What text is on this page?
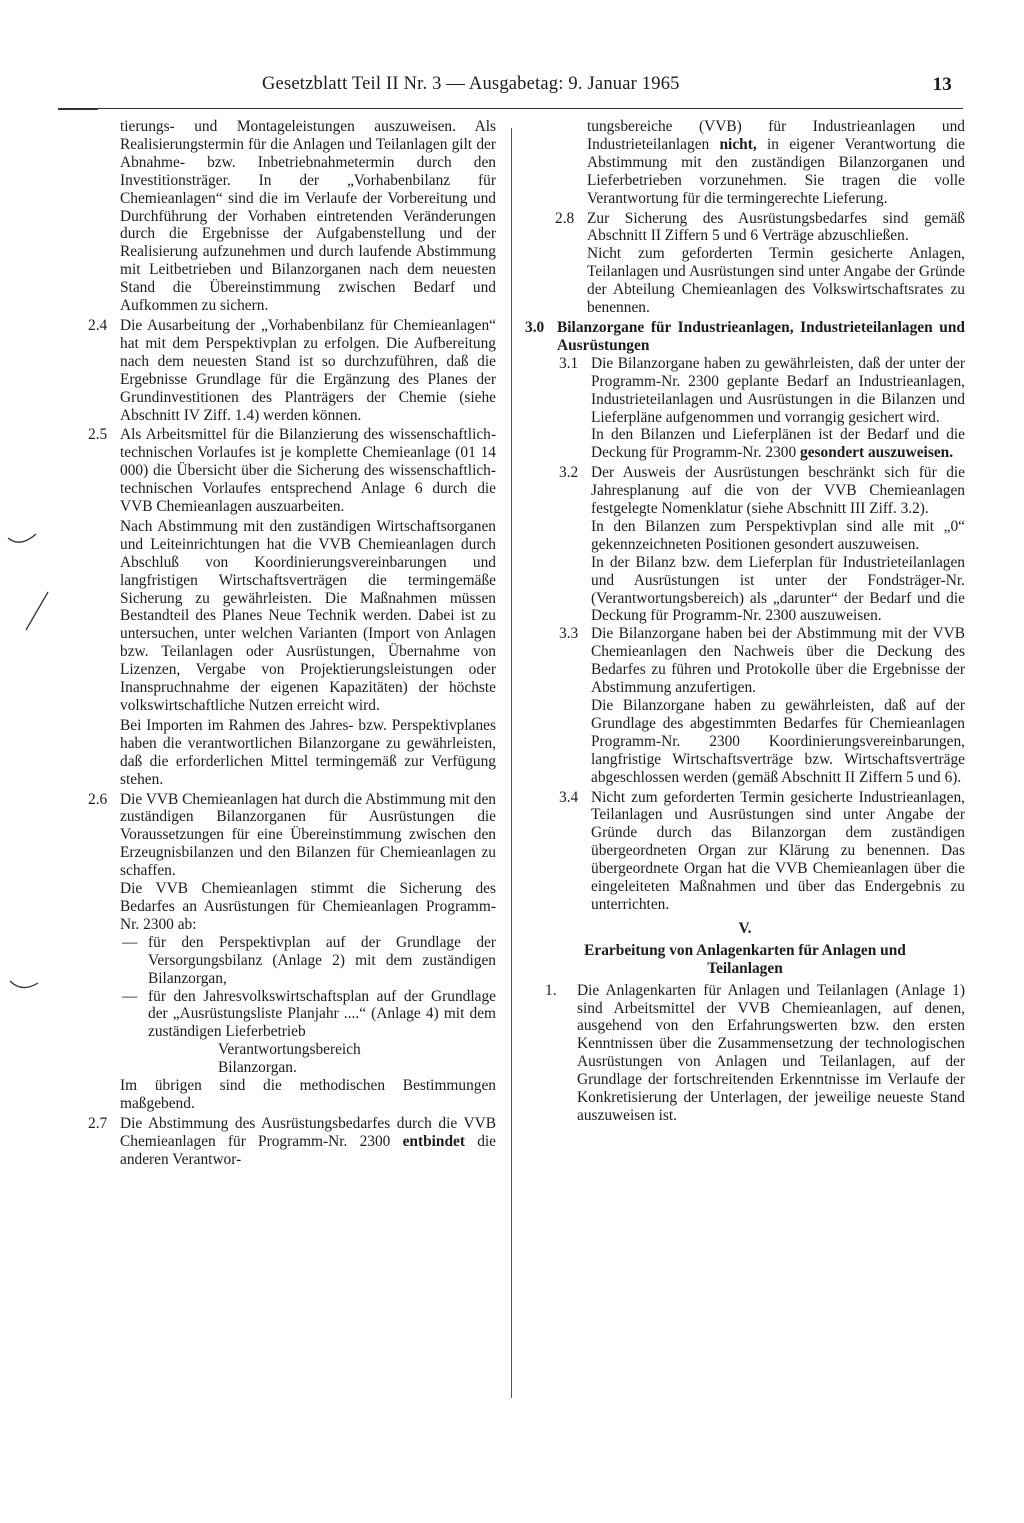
Gesetzblatt Teil II Nr. 3 — Ausgabetag: 9. Januar 1965	13

tierungs- und Montageleistungen auszuweisen. Als Realisierungstermin für die Anlagen und Teilanlagen gilt der Abnahme- bzw. Inbetriebnahmetermin durch den Investitionsträger. In der „Vorhabenbilanz für Chemieanlagen“ sind die im Verlaufe der Vorbereitung und Durchführung der Vorhaben eintretenden Veränderungen durch die Ergebnisse der Aufgabenstellung und der Realisierung aufzunehmen und durch laufende Abstimmung mit Leitbetrieben und Bilanzorganen nach dem neuesten Stand die Übereinstimmung zwischen Bedarf und Aufkommen zu sichern.

2.4 Die Ausarbeitung der „Vorhabenbilanz für Chemieanlagen“ hat mit dem Perspektivplan zu erfolgen. Die Aufbereitung nach dem neuesten Stand ist so durchzuführen, daß die Ergebnisse Grundlage für die Ergänzung des Planes der Grundinvestitionen des Planträgers der Chemie (siehe Abschnitt IV Ziff. 1.4) werden können.

2.5 Als Arbeitsmittel für die Bilanzierung des wissenschaftlich-technischen Vorlaufes ist je komplette Chemieanlage (01 14 000) die Übersicht über die Sicherung des wissenschaftlich-technischen Vorlaufes entsprechend Anlage 6 durch die VVB Chemieanlagen auszuarbeiten.

Nach Abstimmung mit den zuständigen Wirtschaftsorganen und Leiteinrichtungen hat die VVB Chemieanlagen durch Abschluß von Koordinierungsvereinbarungen und langfristigen Wirtschaftsverträgen die termingemäße Sicherung zu gewährleisten. Die Maßnahmen müssen Bestandteil des Planes Neue Technik werden. Dabei ist zu untersuchen, unter welchen Varianten (Import von Anlagen bzw. Teilanlagen oder Ausrüstungen, Übernahme von Lizenzen, Vergabe von Projektierungsleistungen oder Inanspruchnahme der eigenen Kapazitäten) der höchste volkswirtschaftliche Nutzen erreicht wird.

Bei Importen im Rahmen des Jahres- bzw. Perspektivplanes haben die verantwortlichen Bilanzorgane zu gewährleisten, daß die erforderlichen Mittel termingemäß zur Verfügung stehen.

2.6 Die VVB Chemieanlagen hat durch die Abstimmung mit den zuständigen Bilanzorganen für Ausrüstungen die Voraussetzungen für eine Übereinstimmung zwischen den Erzeugnisbilanzen und den Bilanzen für Chemieanlagen zu schaffen.

Die VVB Chemieanlagen stimmt die Sicherung des Bedarfes an Ausrüstungen für Chemieanlagen Programm-Nr. 2300 ab:

— für den Perspektivplan auf der Grundlage der Versorgungsbilanz (Anlage 2) mit dem zuständigen Bilanzorgan,

— für den Jahresvolkswirtschaftsplan auf der Grundlage der „Ausrüstungsliste Planjahr ....“ (Anlage 4) mit dem zuständigen Lieferbetrieb

Verantwortungsbereich
Bilanzorgan.

Im übrigen sind die methodischen Bestimmungen maßgebend.

2.7 Die Abstimmung des Ausrüstungsbedarfes durch die VVB Chemieanlagen für Programm-Nr. 2300 entbindet die anderen Verantwor-

tungsbereiche (VVB) für Industrieanlagen und Industrieteilanlagen nicht, in eigener Verantwortung die Abstimmung mit den zuständigen Bilanzorganen und Lieferbetrieben vorzunehmen. Sie tragen die volle Verantwortung für die termingerechte Lieferung.

2.8 Zur Sicherung des Ausrüstungsbedarfes sind gemäß Abschnitt II Ziffern 5 und 6 Verträge abzuschließen.

Nicht zum geforderten Termin gesicherte Anlagen, Teilanlagen und Ausrüstungen sind unter Angabe der Gründe der Abteilung Chemieanlagen des Volkswirtschaftsrates zu benennen.

3.0 Bilanzorgane für Industrieanlagen, Industrieteilanlagen und Ausrüstungen

3.1 Die Bilanzorgane haben zu gewährleisten, daß der unter der Programm-Nr. 2300 geplante Bedarf an Industrieanlagen, Industrieteilanlagen und Ausrüstungen in die Bilanzen und Lieferpläne aufgenommen und vorrangig gesichert wird.

In den Bilanzen und Lieferplänen ist der Bedarf und die Deckung für Programm-Nr. 2300 gesondert auszuweisen.

3.2 Der Ausweis der Ausrüstungen beschränkt sich für die Jahresplanung auf die von der VVB Chemieanlagen festgelegte Nomenklatur (siehe Abschnitt III Ziff. 3.2).

In den Bilanzen zum Perspektivplan sind alle mit „0“ gekennzeichneten Positionen gesondert auszuweisen.

In der Bilanz bzw. dem Lieferplan für Industrieteilanlagen und Ausrüstungen ist unter der Fondsträger-Nr. (Verantwortungsbereich) als „darunter“ der Bedarf und die Deckung für Programm-Nr. 2300 auszuweisen.

3.3 Die Bilanzorgane haben bei der Abstimmung mit der VVB Chemieanlagen den Nachweis über die Deckung des Bedarfes zu führen und Protokolle über die Ergebnisse der Abstimmung anzufertigen.

Die Bilanzorgane haben zu gewährleisten, daß auf der Grundlage des abgestimmten Bedarfes für Chemieanlagen Programm-Nr. 2300 Koordinierungsvereinbarungen, langfristige Wirtschaftsverträge bzw. Wirtschaftsverträge abgeschlossen werden (gemäß Abschnitt II Ziffern 5 und 6).

3.4 Nicht zum geforderten Termin gesicherte Industrieanlagen, Teilanlagen und Ausrüstungen sind unter Angabe der Gründe durch das Bilanzorgan dem zuständigen übergeordneten Organ zur Klärung zu benennen. Das übergeordnete Organ hat die VVB Chemieanlagen über die eingeleiteten Maßnahmen und über das Endergebnis zu unterrichten.

V.
Erarbeitung von Anlagenkarten für Anlagen und Teilanlagen
1. Die Anlagenkarten für Anlagen und Teilanlagen (Anlage 1) sind Arbeitsmittel der VVB Chemieanlagen, auf denen, ausgehend von den Erfahrungswerten bzw. den ersten Kenntnissen über die Zusammensetzung der technologischen Ausrüstungen von Anlagen und Teilanlagen, auf der Grundlage der fortschreitenden Erkenntnisse im Verlaufe der Konkretisierung der Unterlagen, der jeweilige neueste Stand auszuweisen ist.
